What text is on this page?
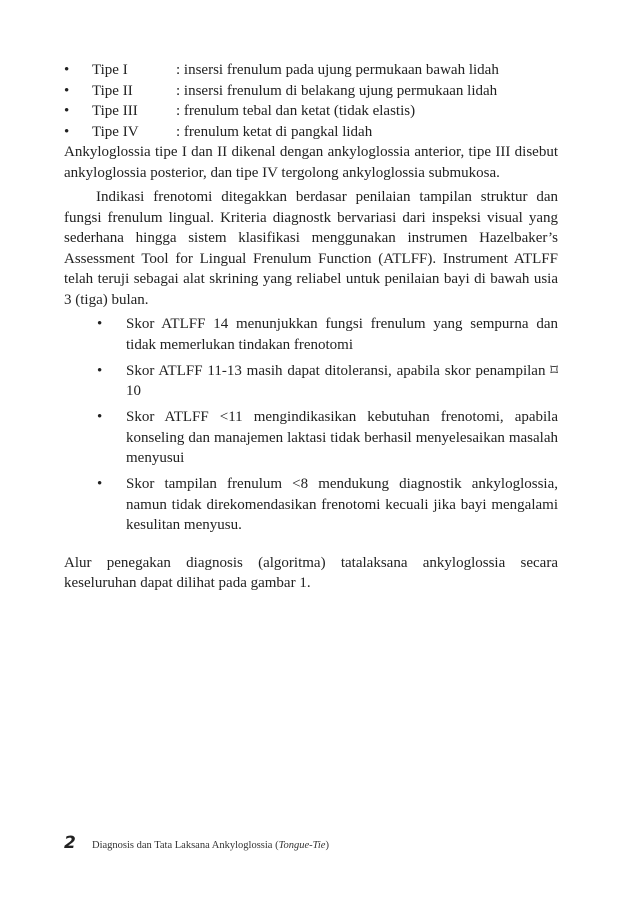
•	Tipe I	: insersi frenulum pada ujung permukaan bawah lidah
•	Tipe II	: insersi frenulum di belakang ujung permukaan lidah
•	Tipe III	: frenulum tebal dan ketat (tidak elastis)
•	Tipe IV	: frenulum ketat di pangkal lidah

Ankyloglossia tipe I dan II dikenal dengan ankyloglossia anterior, tipe III disebut ankyloglossia posterior, dan tipe IV tergolong ankyloglossia submukosa.

Indikasi frenotomi ditegakkan berdasar penilaian tampilan struktur dan fungsi frenulum lingual. Kriteria diagnostk bervariasi dari inspeksi visual yang sederhana hingga sistem klasifikasi menggunakan instrumen Hazelbaker’s Assessment Tool for Lingual Frenulum Function (ATLFF). Instrument ATLFF telah teruji sebagai alat skrining yang reliabel untuk penilaian bayi di bawah usia 3 (tiga) bulan.

•	Skor ATLFF 14 menunjukkan fungsi frenulum yang sempurna dan tidak memerlukan tindakan frenotomi
•	Skor ATLFF 11-13 masih dapat ditoleransi, apabila skor penampilan ⌑ 10
•	Skor ATLFF <11 mengindikasikan kebutuhan frenotomi, apabila konseling dan manajemen laktasi tidak berhasil menyelesaikan masalah menyusui
•	Skor tampilan frenulum <8 mendukung diagnostik ankyloglossia, namun tidak direkomendasikan frenotomi kecuali jika bayi mengalami kesulitan menyusu.

Alur penegakan diagnosis (algoritma) tatalaksana ankyloglossia secara keseluruhan dapat dilihat pada gambar 1.

2	Diagnosis dan Tata Laksana Ankyloglossia (Tongue-Tie)
